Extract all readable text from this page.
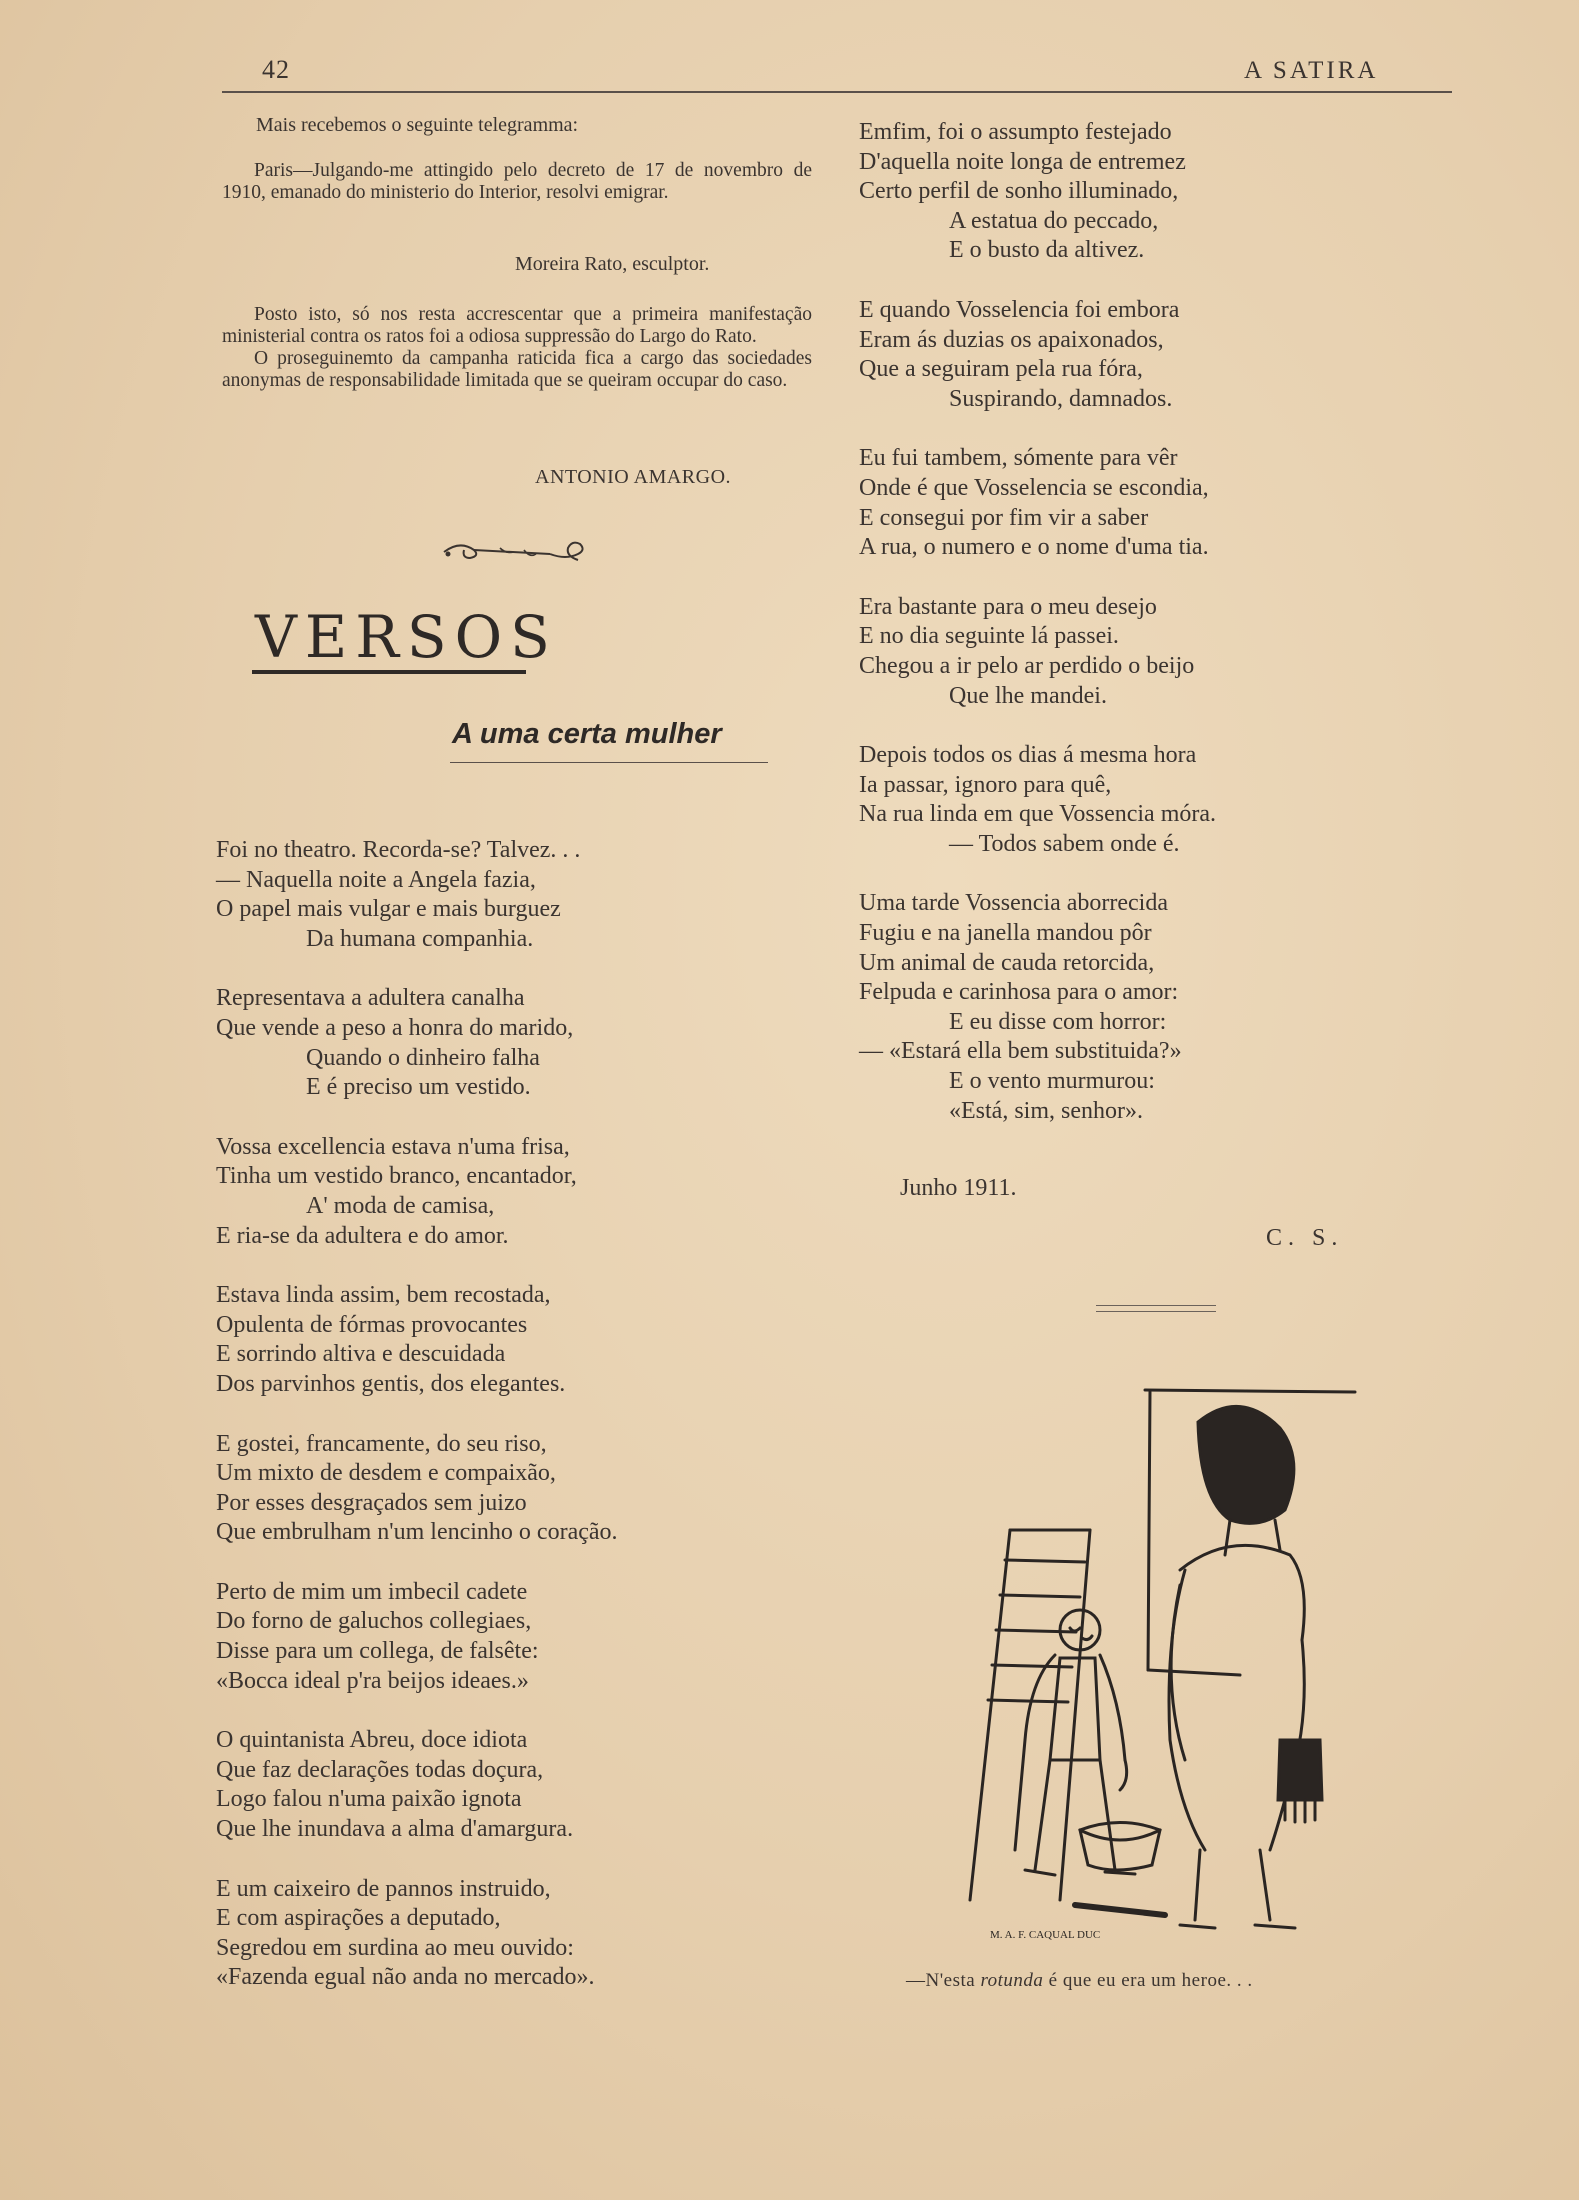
42	A SATIRA
Mais recebemos o seguinte telegramma:
Paris—Julgando-me attingido pelo decreto de 17 de novembro de 1910, emanado do ministerio do Interior, resolvi emigrar.
Moreira Rato, esculptor.

Posto isto, só nos resta accrescentar que a primeira manifestação ministerial contra os ratos foi a odiosa suppressão do Largo do Rato.

O proseguinemto da campanha raticida fica a cargo das sociedades anonymas de responsabilidade limitada que se queiram occupar do caso.

ANTONIO AMARGO.
VERSOS
A uma certa mulher
Foi no theatro. Recorda-se? Talvez. . .
— Naquella noite a Angela fazia,
O papel mais vulgar e mais burguez
Da humana companhia.
Representava a adultera canalha
Que vende a peso a honra do marido,
Quando o dinheiro falha
E é preciso um vestido.
Vossa excellencia estava n'uma frisa,
Tinha um vestido branco, encantador,
A' moda de camisa,
E ria-se da adultera e do amor.
Estava linda assim, bem recostada,
Opulenta de fórmas provocantes
E sorrindo altiva e descuidada
Dos parvinhos gentis, dos elegantes.
E gostei, francamente, do seu riso,
Um mixto de desdem e compaixão,
Por esses desgraçados sem juizo
Que embrulham n'um lencinho o coração.
Perto de mim um imbecil cadete
Do forno de galuchos collegiaes,
Disse para um collega, de falsête:
«Bocca ideal p'ra beijos ideaes.»
O quintanista Abreu, doce idiota
Que faz declarações todas doçura,
Logo falou n'uma paixão ignota
Que lhe inundava a alma d'amargura.
E um caixeiro de pannos instruido,
E com aspirações a deputado,
Segredou em surdina ao meu ouvido:
«Fazenda egual não anda no mercado».
Emfim, foi o assumpto festejado
D'aquella noite longa de entremez
Certo perfil de sonho illuminado,
A estatua do peccado,
E o busto da altivez.
E quando Vosselencia foi embora
Eram ás duzias os apaixonados,
Que a seguiram pela rua fóra,
Suspirando, damnados.
Eu fui tambem, sómente para vêr
Onde é que Vosselencia se escondia,
E consegui por fim vir a saber
A rua, o numero e o nome d'uma tia.
Era bastante para o meu desejo
E no dia seguinte lá passei.
Chegou a ir pelo ar perdido o beijo
Que lhe mandei.
Depois todos os dias á mesma hora
Ia passar, ignoro para quê,
Na rua linda em que Vossencia móra.
— Todos sabem onde é.
Uma tarde Vossencia aborrecida
Fugiu e na janella mandou pôr
Um animal de cauda retorcida,
Felpuda e carinhosa para o amor:
E eu disse com horror:
— «Estará ella bem substituida?»
E o vento murmurou:
«Está, sim, senhor».
Junho 1911.
C. S.
M. A. F. CAQUAL DUC
—N'esta rotunda é que eu era um heroe. . .
